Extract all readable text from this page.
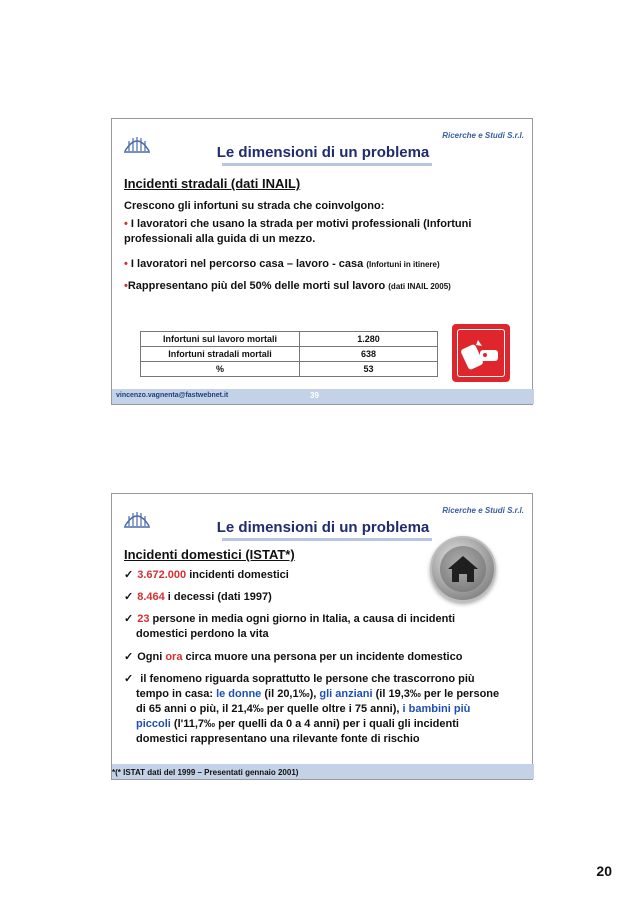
Ricerche e Studi S.r.l.
Le dimensioni di un problema
Incidenti stradali (dati INAIL)
Crescono gli infortuni su strada che coinvolgono:
• I lavoratori che usano la strada per motivi professionali (Infortuni professionali alla guida di un mezzo.
• I lavoratori nel percorso casa – lavoro - casa (Infortuni in itinere)
•Rappresentano più del 50% delle morti sul lavoro (dati INAIL 2005)
Infortuni sul lavoro mortali	1.280
Infortuni stradali mortali	638
%	53
vincenzo.vagnenta@fastwebnet.it	39
Ricerche e Studi S.r.l.
Le dimensioni di un problema
Incidenti domestici (ISTAT*)
✓ 3.672.000 incidenti domestici
✓ 8.464 i decessi (dati 1997)
✓ 23 persone in media ogni giorno in Italia, a causa di incidenti domestici perdono la vita
✓ Ogni ora circa muore una persona per un incidente domestico
✓ il fenomeno riguarda soprattutto le persone che trascorrono più tempo in casa: le donne (il 20,1‰), gli anziani (il 19,3‰ per le persone di 65 anni o più, il 21,4‰ per quelle oltre i 75 anni), i bambini più piccoli (l'11,7‰ per quelli da 0 a 4 anni) per i quali gli incidenti domestici rappresentano una rilevante fonte di rischio
*(* ISTAT dati del 1999 – Presentati gennaio 2001)
20
